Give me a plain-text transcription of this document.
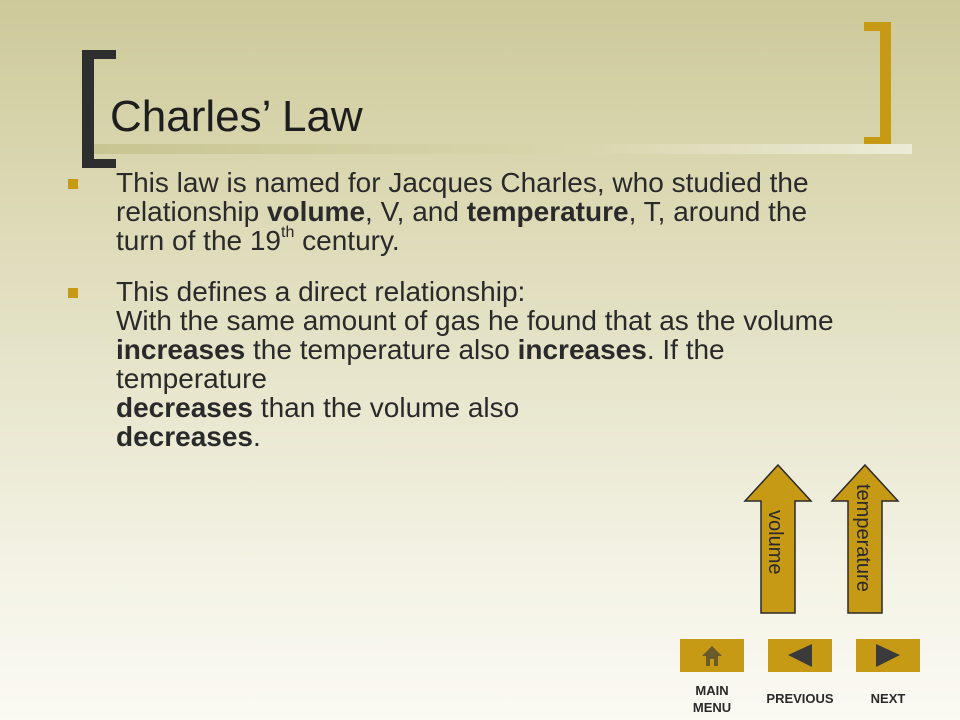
Charles’ Law
This law is named for Jacques Charles, who studied the relationship volume, V, and temperature, T, around the turn of the 19th century.
This defines a direct relationship:
With the same amount of gas he found that as the volume increases the temperature also increases. If the temperature
decreases than the volume also
decreases.
volume	temperature
MAIN MENU
PREVIOUS	NEXT
